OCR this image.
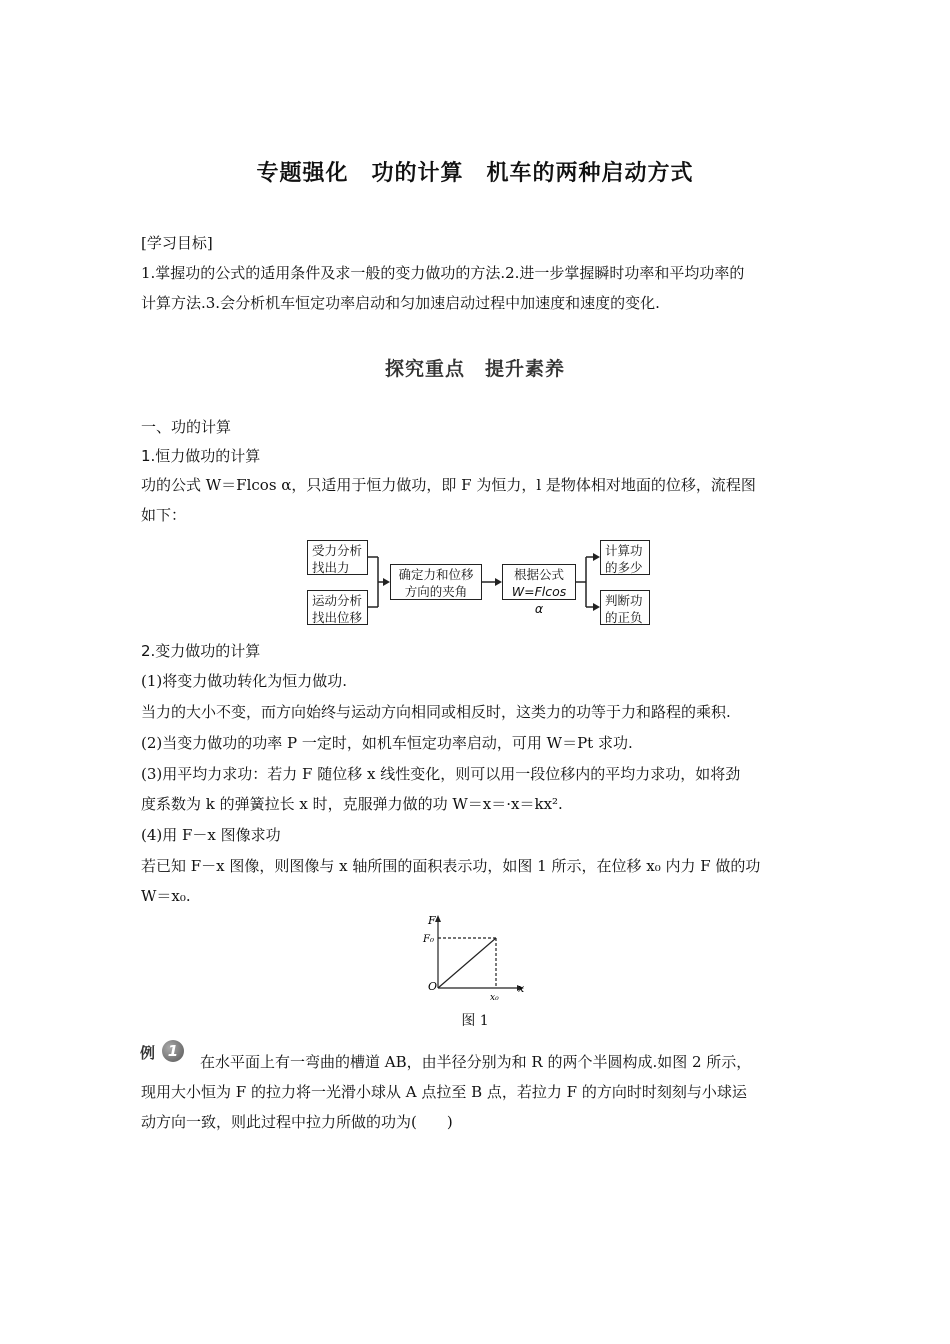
专题强化　功的计算　机车的两种启动方式
[学习目标]
1.掌握功的公式的适用条件及求一般的变力做功的方法.2.进一步掌握瞬时功率和平均功率的
计算方法.3.会分析机车恒定功率启动和匀加速启动过程中加速度和速度的变化.
探究重点　提升素养
一、功的计算
1.恒力做功的计算
功的公式 W＝Flcos α，只适用于恒力做功，即 F 为恒力，l 是物体相对地面的位移，流程图
如下：
受力分析
找出力
运动分析
找出位移
确定力和位移
方向的夹角
根据公式
W=Flcos α
计算功
的多少
判断功
的正负
2.变力做功的计算
(1)将变力做功转化为恒力做功.
当力的大小不变，而方向始终与运动方向相同或相反时，这类力的功等于力和路程的乘积.
(2)当变力做功的功率 P 一定时，如机车恒定功率启动，可用 W＝Pt 求功.
(3)用平均力求功：若力 F 随位移 x 线性变化，则可以用一段位移内的平均力求功，如将劲
度系数为 k 的弹簧拉长 x 时，克服弹力做的功 W＝x＝·x＝kx².
(4)用 F－x 图像求功
若已知 F－x 图像，则图像与 x 轴所围的面积表示功，如图 1 所示，在位移 x₀ 内力 F 做的功
W＝x₀.
F
F₀
O
x₀
x
图 1
例 1
在水平面上有一弯曲的槽道 AB，由半径分别为和 R 的两个半圆构成.如图 2 所示，
现用大小恒为 F 的拉力将一光滑小球从 A 点拉至 B 点，若拉力 F 的方向时时刻刻与小球运
动方向一致，则此过程中拉力所做的功为(　　)
